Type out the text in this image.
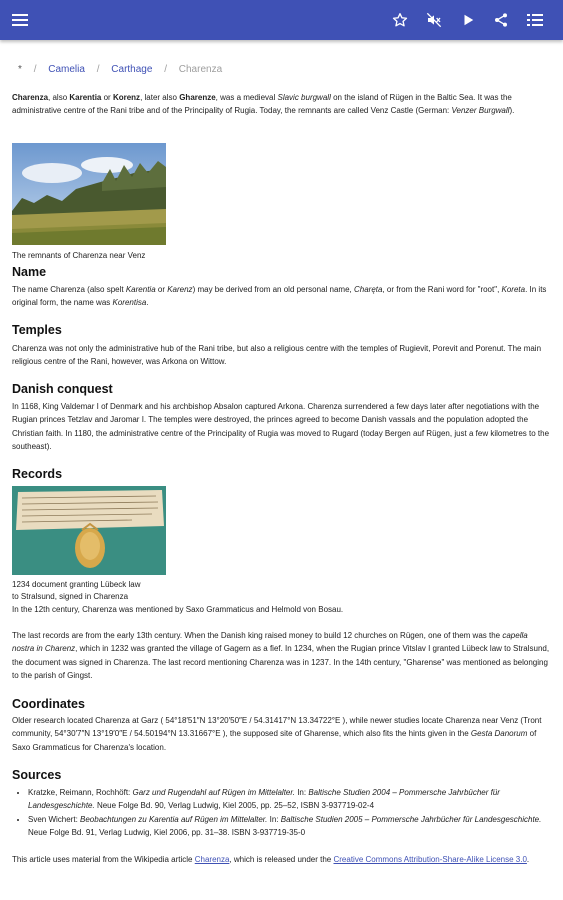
* / Camelia / Carthage / Charenza
Charenza, also Karentia or Korenz, later also Gharenze, was a medieval Slavic burgwall on the island of Rügen in the Baltic Sea. It was the administrative centre of the Rani tribe and of the Principality of Rugia. Today, the remnants are called Venz Castle (German: Venzer Burgwall).
The remnants of Charenza near Venz
Name
The name Charenza (also spelt Karentia or Karenz) may be derived from an old personal name, Charęta, or from the Rani word for "root", Koreta. In its original form, the name was Korentisa.
Temples
Charenza was not only the administrative hub of the Rani tribe, but also a religious centre with the temples of Rugievit, Porevit and Porenut. The main religious centre of the Rani, however, was Arkona on Wittow.
Danish conquest
In 1168, King Valdemar I of Denmark and his archbishop Absalon captured Arkona. Charenza surrendered a few days later after negotiations with the Rugian princes Tetzlav and Jaromar I. The temples were destroyed, the princes agreed to become Danish vassals and the population adopted the Christian faith. In 1180, the administrative centre of the Principality of Rugia was moved to Rugard (today Bergen auf Rügen, just a few kilometres to the southeast).
Records
1234 document granting Lübeck law
to Stralsund, signed in Charenza
In the 12th century, Charenza was mentioned by Saxo Grammaticus and Helmold von Bosau.
The last records are from the early 13th century. When the Danish king raised money to build 12 churches on Rügen, one of them was the capella nostra in Charenz, which in 1232 was granted the village of Gagern as a fief. In 1234, when the Rugian prince Vitslav I granted Lübeck law to Stralsund, the document was signed in Charenza. The last record mentioning Charenza was in 1237. In the 14th century, "Gharense" was mentioned as belonging to the parish of Gingst.
Coordinates
Older research located Charenza at Garz ( 54°18′51″N 13°20′50″E / 54.31417°N 13.34722°E ), while newer studies locate Charenza near Venz (Tront community, 54°30′7″N 13°19′0″E / 54.50194°N 13.31667°E ), the supposed site of Gharense, which also fits the hints given in the Gesta Danorum of Saxo Grammaticus for Charenza's location.
Sources
• Kratzke, Reimann, Rochhöft: Garz und Rugendahl auf Rügen im Mittelalter. In: Baltische Studien 2004 – Pommersche Jahrbücher für Landesgeschichte. Neue Folge Bd. 90, Verlag Ludwig, Kiel 2005, pp. 25–52, ISBN 3-937719-02-4
• Sven Wichert: Beobachtungen zu Karentia auf Rügen im Mittelalter. In: Baltische Studien 2005 – Pommersche Jahrbücher für Landesgeschichte. Neue Folge Bd. 91, Verlag Ludwig, Kiel 2006, pp. 31–38. ISBN 3-937719-35-0
This article uses material from the Wikipedia article Charenza, which is released under the Creative Commons Attribution-Share-Alike License 3.0.
